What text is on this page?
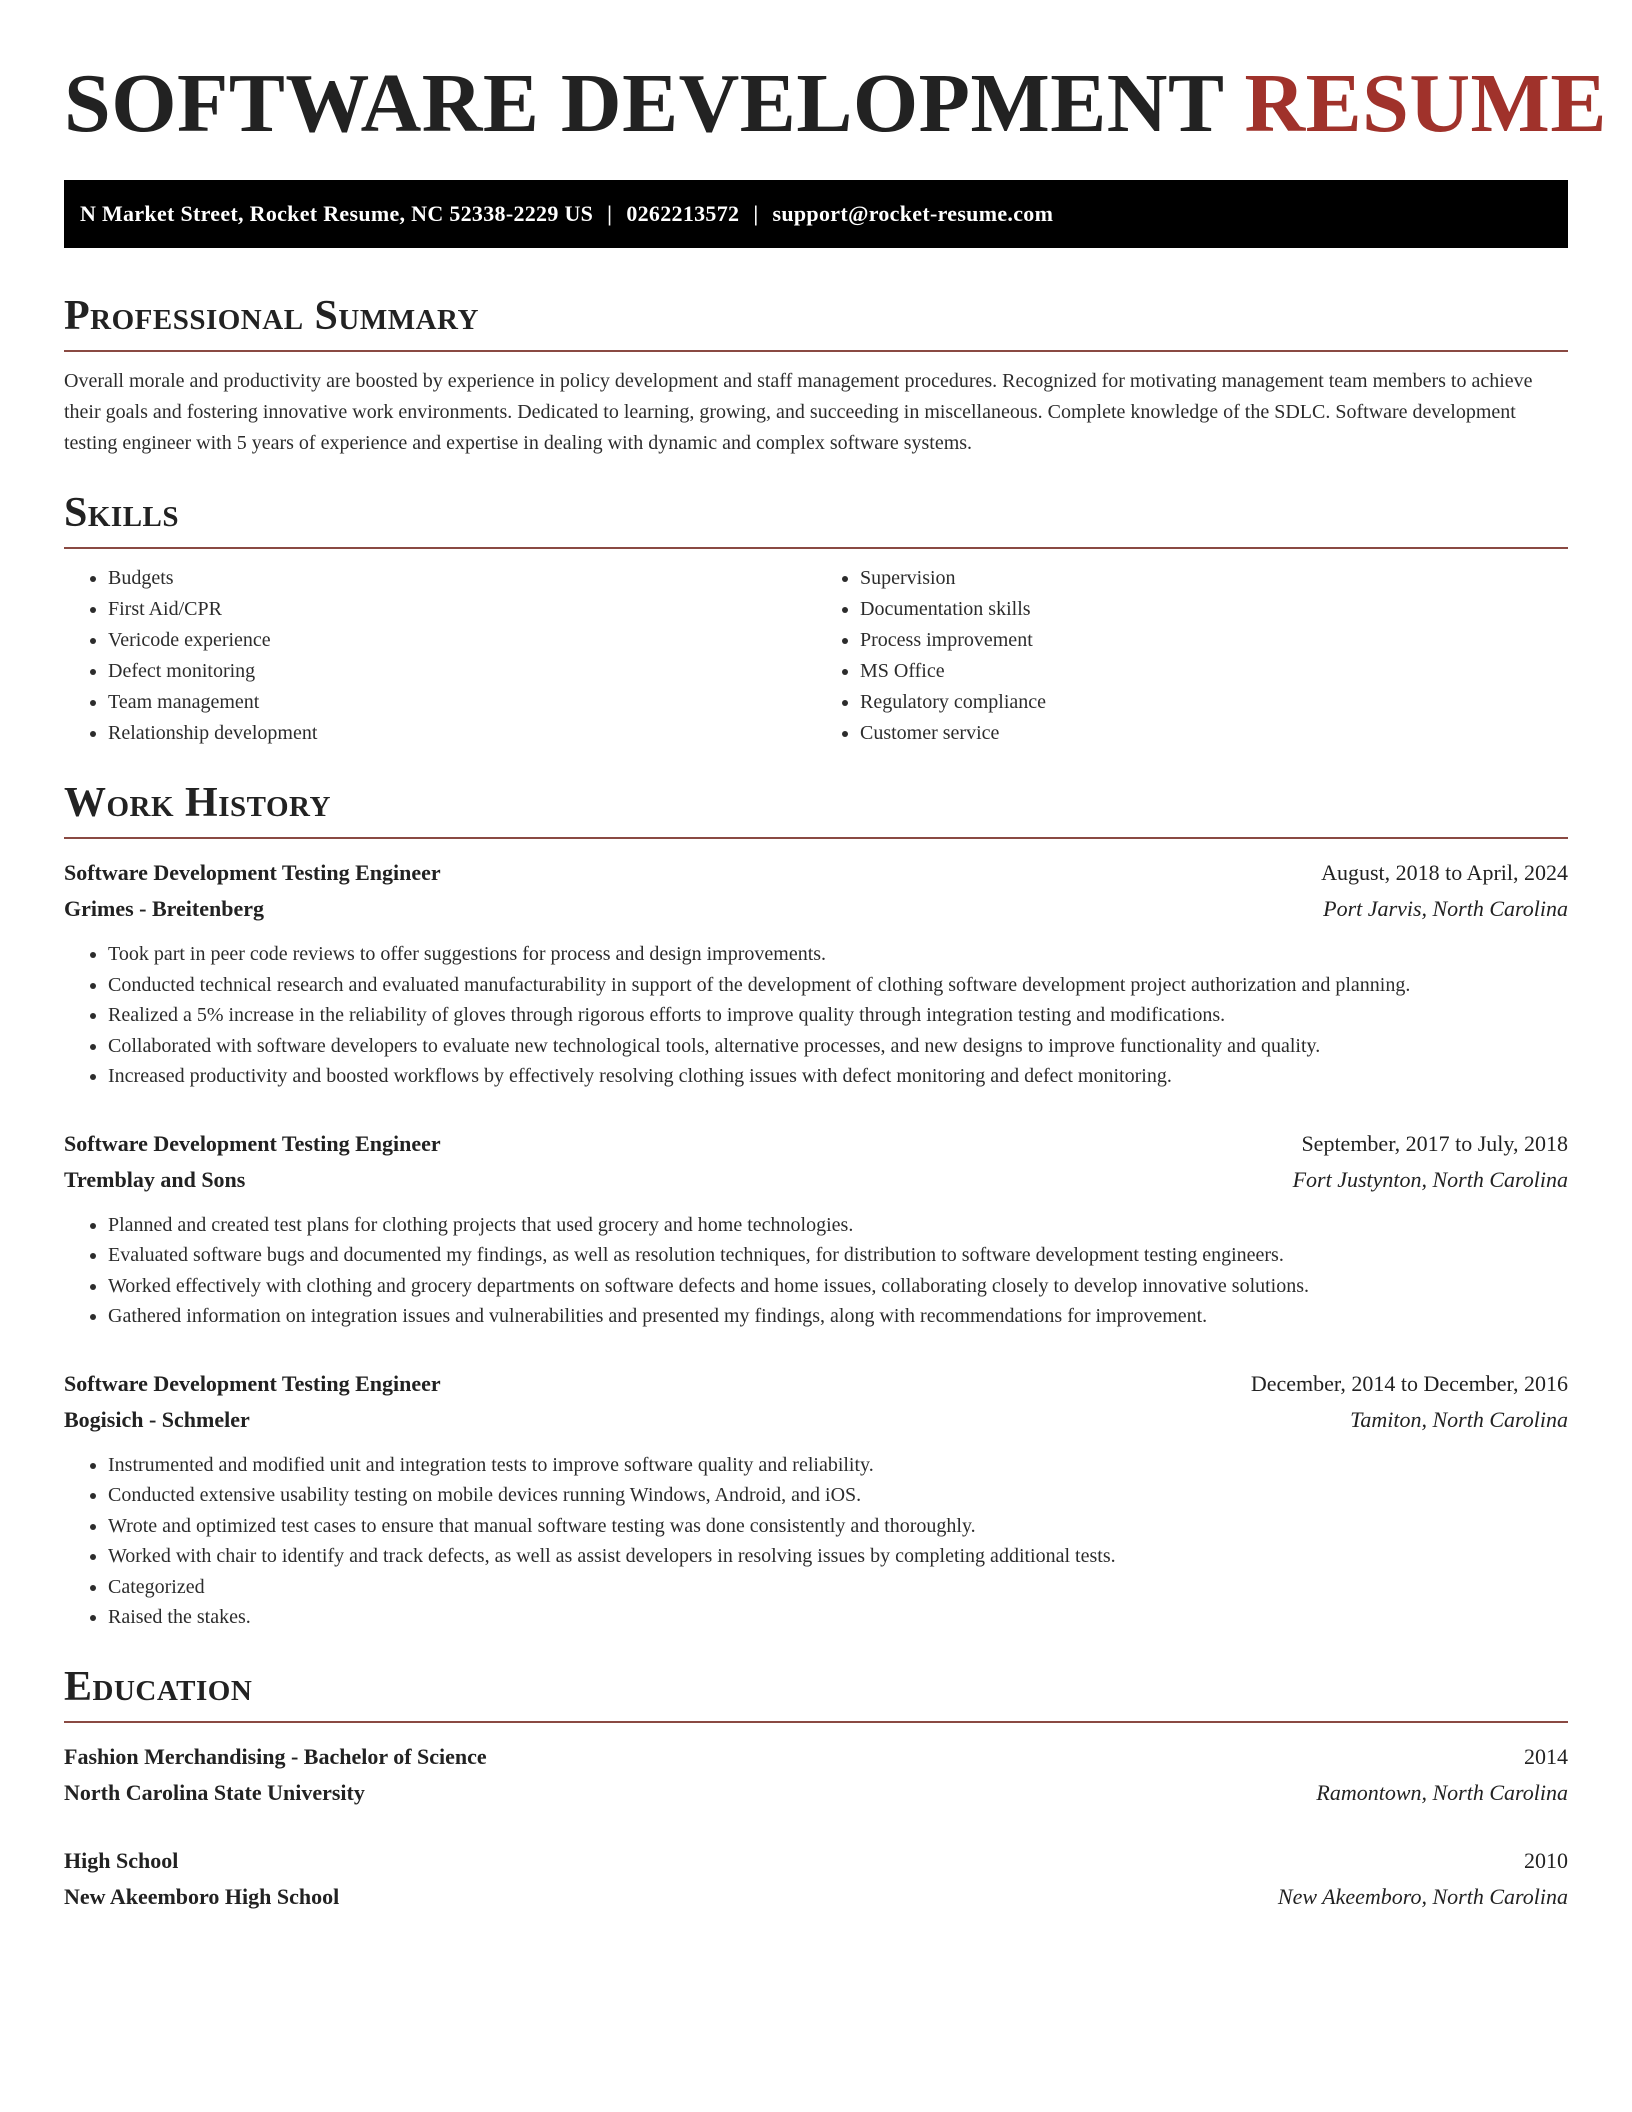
SOFTWARE DEVELOPMENT RESUME
N Market Street, Rocket Resume, NC 52338-2229 US | 0262213572 | support@rocket-resume.com
Professional Summary

Overall morale and productivity are boosted by experience in policy development and staff management procedures. Recognized for motivating management team members to achieve their goals and fostering innovative work environments. Dedicated to learning, growing, and succeeding in miscellaneous. Complete knowledge of the SDLC. Software development testing engineer with 5 years of experience and expertise in dealing with dynamic and complex software systems.

Skills
• Budgets
• First Aid/CPR
• Vericode experience
• Defect monitoring
• Team management
• Relationship development
• Supervision
• Documentation skills
• Process improvement
• MS Office
• Regulatory compliance
• Customer service
Work History
Software Development Testing Engineer	August, 2018 to April, 2024
Grimes - Breitenberg	Port Jarvis, North Carolina
• Took part in peer code reviews to offer suggestions for process and design improvements.
• Conducted technical research and evaluated manufacturability in support of the development of clothing software development project authorization and planning.
• Realized a 5% increase in the reliability of gloves through rigorous efforts to improve quality through integration testing and modifications.
• Collaborated with software developers to evaluate new technological tools, alternative processes, and new designs to improve functionality and quality.
• Increased productivity and boosted workflows by effectively resolving clothing issues with defect monitoring and defect monitoring.
Software Development Testing Engineer	September, 2017 to July, 2018
Tremblay and Sons	Fort Justynton, North Carolina
• Planned and created test plans for clothing projects that used grocery and home technologies.
• Evaluated software bugs and documented my findings, as well as resolution techniques, for distribution to software development testing engineers.
• Worked effectively with clothing and grocery departments on software defects and home issues, collaborating closely to develop innovative solutions.
• Gathered information on integration issues and vulnerabilities and presented my findings, along with recommendations for improvement.
Software Development Testing Engineer	December, 2014 to December, 2016
Bogisich - Schmeler	Tamiton, North Carolina
• Instrumented and modified unit and integration tests to improve software quality and reliability.
• Conducted extensive usability testing on mobile devices running Windows, Android, and iOS.
• Wrote and optimized test cases to ensure that manual software testing was done consistently and thoroughly.
• Worked with chair to identify and track defects, as well as assist developers in resolving issues by completing additional tests.
• Categorized
• Raised the stakes.
Education
Fashion Merchandising - Bachelor of Science	2014
North Carolina State University	Ramontown, North Carolina
High School	2010
New Akeemboro High School	New Akeemboro, North Carolina
